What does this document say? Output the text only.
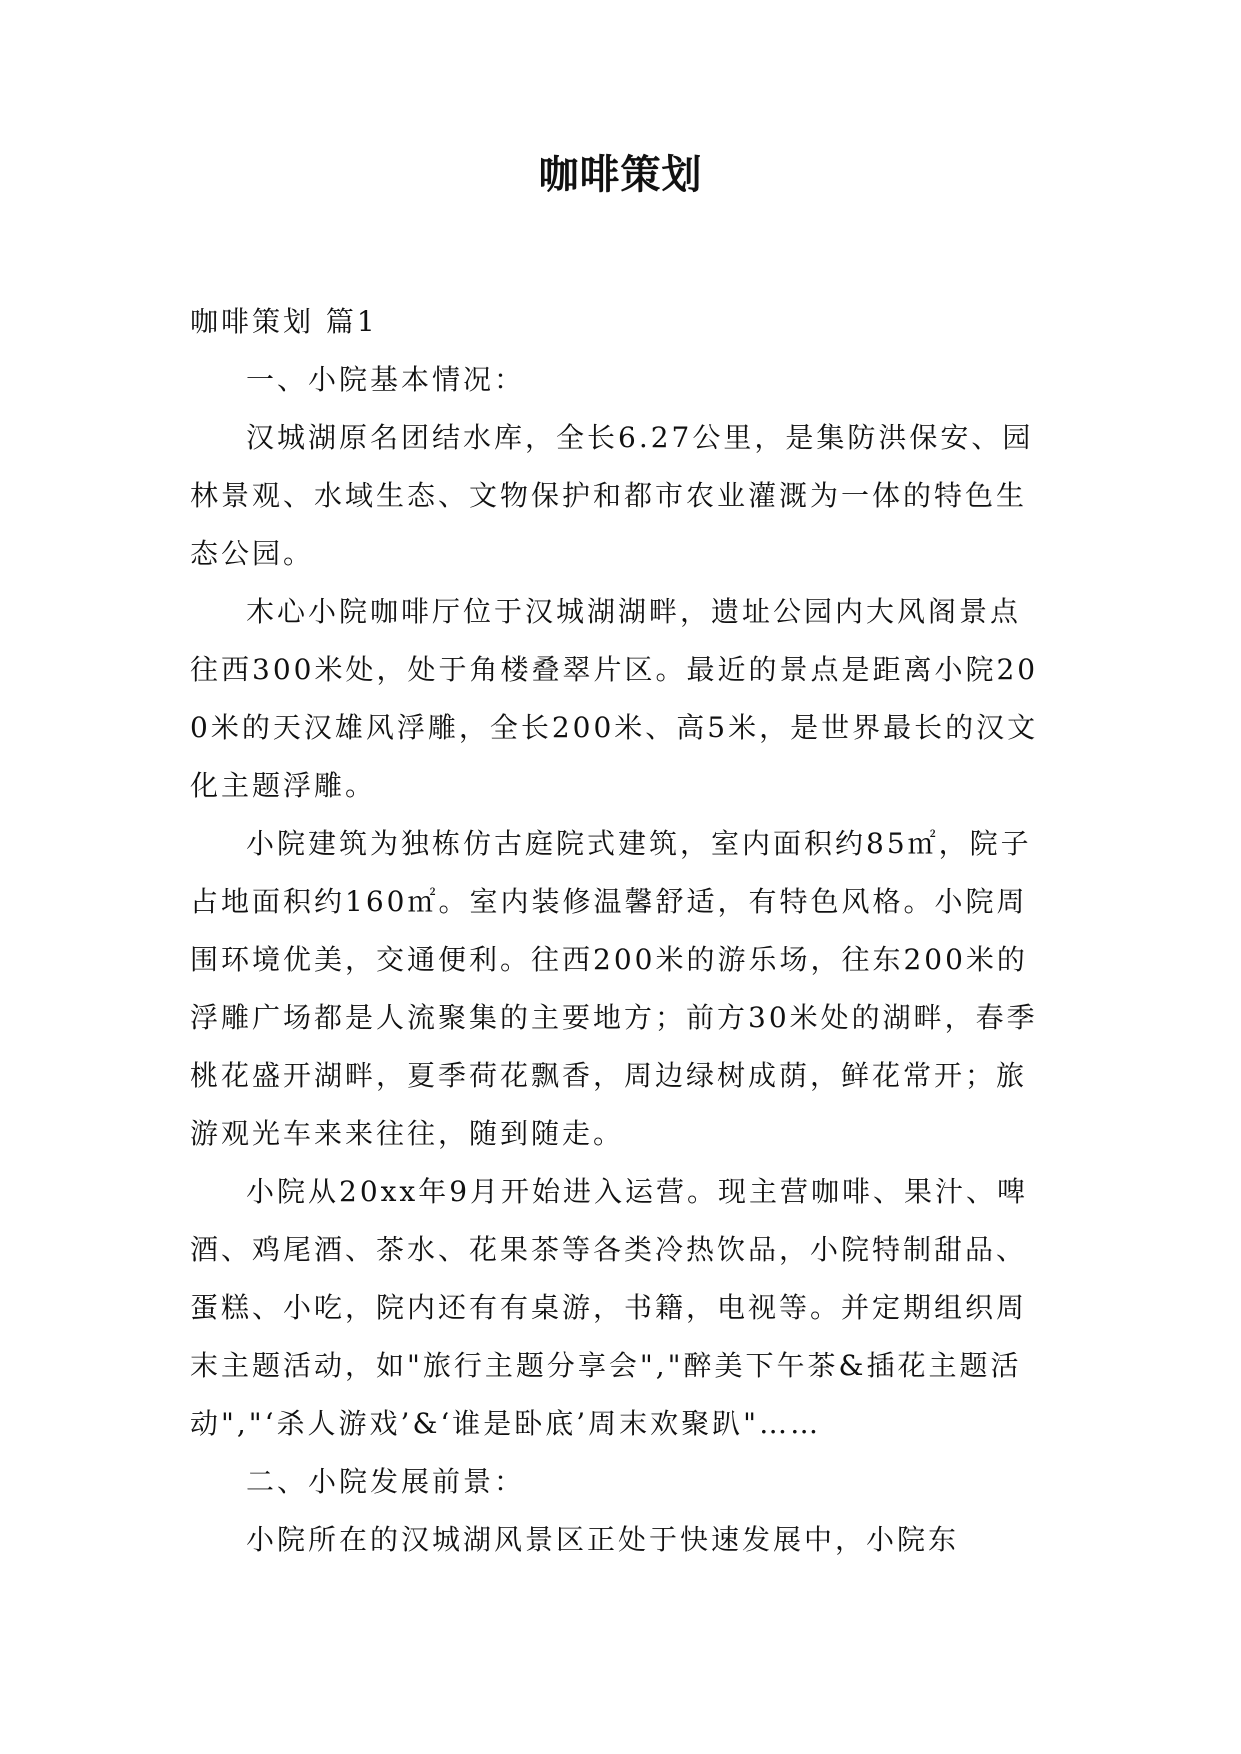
咖啡策划

咖啡策划 篇1

一、小院基本情况：

汉城湖原名团结水库，全长6.27公里，是集防洪保安、园林景观、水域生态、文物保护和都市农业灌溉为一体的特色生态公园。

木心小院咖啡厅位于汉城湖湖畔，遗址公园内大风阁景点往西300米处，处于角楼叠翠片区。最近的景点是距离小院200米的天汉雄风浮雕，全长200米、高5米，是世界最长的汉文化主题浮雕。

小院建筑为独栋仿古庭院式建筑，室内面积约85㎡，院子占地面积约160㎡。室内装修温馨舒适，有特色风格。小院周围环境优美，交通便利。往西200米的游乐场，往东200米的浮雕广场都是人流聚集的主要地方；前方30米处的湖畔，春季桃花盛开湖畔，夏季荷花飘香，周边绿树成荫，鲜花常开；旅游观光车来来往往，随到随走。

小院从20xx年9月开始进入运营。现主营咖啡、果汁、啤酒、鸡尾酒、茶水、花果茶等各类冷热饮品，小院特制甜品、蛋糕、小吃，院内还有有桌游，书籍，电视等。并定期组织周末主题活动，如"旅行主题分享会","醉美下午茶&插花主题活动","‘杀人游戏’&‘谁是卧底’周末欢聚趴"……

二、小院发展前景：

小院所在的汉城湖风景区正处于快速发展中，小院东
